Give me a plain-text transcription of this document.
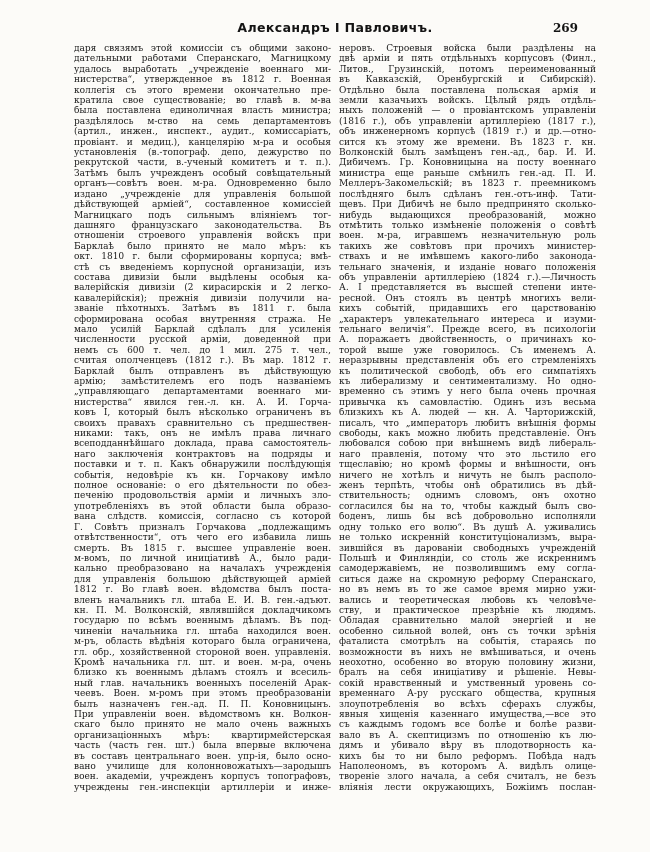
Александръ I Павловичъ.	269
даря связямъ этой комиссіи съ общими законо-
дательными работами Сперанскаго, Магницкому
удалось выработать „учрежденіе военнаго ми-
нистерства“, утвержденное въ 1812 г. Военная
коллегія съ этого времени окончательно пре-
кратила свое существованіе; во главѣ в. м-ва
была поставлена единоличная власть министра;
раздѣлялось м-ство на семь департаментовъ
(артил., инжен., инспект., аудит., комиссаріатъ,
провіант. и медиц.), канцелярію м-ра и особыя
установленія (в.-топограф. депо, дежурство по
рекрутской части, в.-ученый комитетъ и т. п.).
Затѣмъ былъ учрежденъ особый совѣщательный
органъ—совѣтъ воен. м-ра. Одновременно было
издано „учрежденіе для управленія большой
дѣйствующей арміей“, составленное комиссіей
Магницкаго подъ сильнымъ вліяніемъ тог-
дашняго французскаго законодательства. Въ
отношеніи строевого управленія войскъ при
Барклаѣ было принято не мало мѣръ: къ
окт. 1810 г. были сформированы корпуса; вмѣ-
стѣ съ введеніемъ корпусной организаціи, изъ
состава дивизіи были выдѣлены особыя ка-
валерійскія дивизіи (2 кирасирскія и 2 легко-
кавалерійскія); прежнія дивизіи получили на-
званіе пѣхотныхъ. Затѣмъ въ 1811 г. была
сформирована особая внутренняя стража. Не
мало усилій Барклай сдѣлалъ для усиленія
численности русской арміи, доведенной при
немъ съ 600 т. чел. до 1 мил. 275 т. чел.,
считая ополченцевъ (1812 г.). Въ мар. 1812 г.
Барклай былъ отправленъ въ дѣйствующую
армію; замѣстителемъ его подъ названіемъ
„управляющаго департаментами военнаго ми-
нистерства“ явился ген.-л. кн. А. И. Горча-
ковъ I, который былъ нѣсколько ограниченъ въ
своихъ правахъ сравнительно съ предшествен-
никами: такъ, онъ не имѣлъ права личнаго
всеподданнѣйшаго доклада, права самостоятель-
наго заключенія контрактовъ на подряды и
поставки и т. п. Какъ обнаружили послѣдующія
событія, недовѣріе къ кн. Горчакову имѣло
полное основаніе: о его дѣятельности по обез-
печенію продовольствія арміи и личныхъ зло-
употребленіяхъ въ этой области была образо-
вана слѣдств. комиссія, согласно съ которой
Г. Совѣтъ призналъ Горчакова „подлежащимъ
отвѣтственности“, отъ чего его избавила лишь
смерть. Въ 1815 г. высшее управленіе воен.
м-вомъ, по личной иниціативѣ А., было ради-
кально преобразовано на началахъ учрежденія
для управленія большою дѣйствующей арміей
1812 г. Во главѣ воен. вѣдомства былъ поста-
вленъ начальникъ гл. штаба Е. И. В. ген.-адъют.
кн. П. М. Волконскій, являвшійся докладчикомъ
государю по всѣмъ военнымъ дѣламъ. Въ под-
чиненіи начальника гл. штаба находился воен.
м-ръ, область вѣдѣнія котораго была ограничена,
гл. обр., хозяйственной стороной воен. управленія.
Кромѣ начальника гл. шт. и воен. м-ра, очень
близко къ военнымъ дѣламъ стоялъ и всесиль-
ный глав. начальникъ военныхъ поселеній Арак-
чеевъ. Воен. м-ромъ при этомъ преобразованіи
былъ назначенъ ген.-ад. П. П. Коновницынъ.
При управленіи воен. вѣдомствомъ кн. Волкон-
скаго было принято не мало очень важныхъ
организаціонныхъ мѣръ: квартирмейстерская
часть (часть ген. шт.) была впервые включена
въ составъ центральнаго воен. упр-ія, было осно-
вано училище для колонновожатыхъ—зародышъ
воен. академіи, учрежденъ корпусъ топографовъ,
учреждены ген.-инспекціи артиллеріи и инже-
неровъ. Строевыя войска были раздѣлены на
двѣ арміи и пять отдѣльныхъ корпусовъ (Финл.,
Литов., Грузинскій, потомъ переименованный
въ Кавказскій, Оренбургскій и Сибирскій).
Отдѣльно была поставлена польская армія и
земли казачьихъ войскъ. Цѣлый рядъ отдѣль-
ныхъ положеній — о провіантскомъ управленіи
(1816 г.), объ управленіи артиллеріею (1817 г.),
объ инженерномъ корпусѣ (1819 г.) и др.—отно-
сится къ этому же времени. Въ 1823 г. кн.
Волконскій былъ замѣщенъ ген.-ад., бар. И. И.
Дибичемъ. Гр. Коновницына на посту военнаго
министра еще раньше смѣнилъ ген.-ад. П. И.
Меллеръ-Закомельскій; въ 1823 г. преемникомъ
послѣдняго былъ сдѣланъ ген.-отъ-инф. Тати-
щевъ. При Дибичѣ не было предпринято сколько-
нибудь выдающихся преобразованій, можно
отмѣтить только измѣненіе положенія о совѣтѣ
воен. м-ра, игравшемъ незначительную роль
такихъ же совѣтовъ при прочихъ министер-
ствахъ и не имѣвшемъ какого-либо законода-
тельнаго значенія, и изданіе новаго положенія
объ управленіи артиллеріею (1824 г.).—Личность
А. I представляется въ высшей степени инте-
ресной. Онъ стоялъ въ центрѣ многихъ вели-
кихъ событій, придавшихъ его царствованію
„характеръ увлекательнаго интереса и изуми-
тельнаго величія“. Прежде всего, въ психологіи
А. поражаетъ двойственность, о причинахъ ко-
торой выше уже говорилось. Съ именемъ А.
неразрывны представленія объ его стремленіяхъ
къ политической свободѣ, объ его симпатіяхъ
къ либерализму и сентиментализму. Но одно-
временно съ этимъ у него была очень прочная
привычка къ самовластію. Одинъ изъ весьма
близкихъ къ А. людей — кн. А. Чарторижскій,
писалъ, что „императоръ любитъ внѣшнія формы
свободы, какъ можно любить представленіе. Онъ
любовался собою при внѣшнемъ видѣ либераль-
наго правленія, потому что это льстило его
тщеславію; но кромѣ формы и внѣшности, онъ
ничего не хотѣлъ и ничуть не былъ располо-
женъ терпѣть, чтобы онѣ обратились въ дѣй-
ствительность; однимъ словомъ, онъ охотно
согласился бы на то, чтобы каждый былъ сво-
боденъ, лишь бы всѣ добровольно исполняли
одну только его волю“. Въ душѣ А. уживались
не только искренній конституціонализмъ, выра-
зившійся въ дарованіи свободныхъ учрежденій
Польшѣ и Финляндіи, со столь же искреннимъ
самодержавіемъ, не позволившимъ ему согла-
ситься даже на скромную реформу Сперанскаго,
но въ немъ въ то же самое время мирно ужи-
вались и теоретическая любовь къ человѣче-
ству, и практическое презрѣніе къ людямъ.
Обладая сравнительно малой энергіей и не
особенно сильной волей, онъ съ точки зрѣнія
фаталиста смотрѣлъ на событія, стараясь по
возможности въ нихъ не вмѣшиваться, и очень
неохотно, особенно во вторую половину жизни,
бралъ на себя иниціативу и рѣшеніе. Невы-
сокій нравственный и умственный уровень со-
временнаго А-ру русскаго общества, крупныя
злоупотребленія во всѣхъ сферахъ службы,
явныя хищенія казеннаго имущества,—все это
съ каждымъ годомъ все болѣе и болѣе разви-
вало въ А. скептицизмъ по отношенію къ лю-
дямъ и убивало вѣру въ плодотворность ка-
кихъ бы то ни было реформъ. Побѣда надъ
Наполеономъ, въ которомъ А. видѣлъ олице-
твореніе злого начала, а себя считалъ, не безъ
вліянія лести окружающихъ, Божіимъ послан-
